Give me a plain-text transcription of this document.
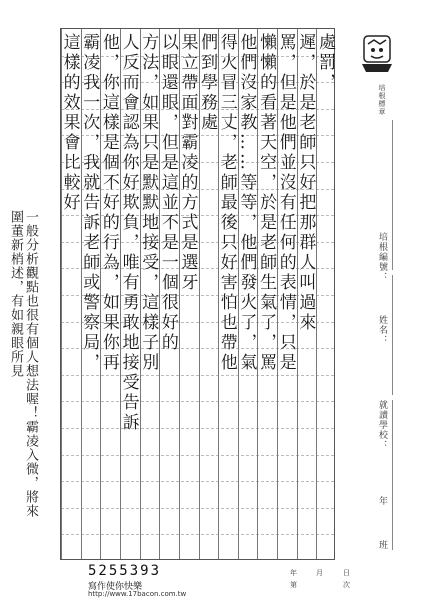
處罰，
遲，於是老師只好把那群人叫過來
罵，但是他們並沒有任何的表情，只是
懶懶的看著天空，於是老師生氣了，罵
他們沒家教……等等，他們發火了，氣
得火冒三丈，老師最後只好害怕也帶他
們到學務處
果立帶面對霸凌的方式是選牙
以眼還眼，但是這並不是一個很好的
方法，如果只是默默地接受，這樣子別
人反而會認為你好欺負，唯有勇敢地接受告訴
他，你這樣是個不好的行為，如果你再
霸凌我一次，我就告訴老師或警察局，
這樣的效果會比較好	培根標章
培根編號：
姓名：
就讀學校：
年
班
一般分析觀點也很有個人想法喔！霸凌入微，將來圍董新梢述，有如親眼所見
5255393
寫作使你快樂
http://www.17bacon.com.tw
年	月	日
第	次
